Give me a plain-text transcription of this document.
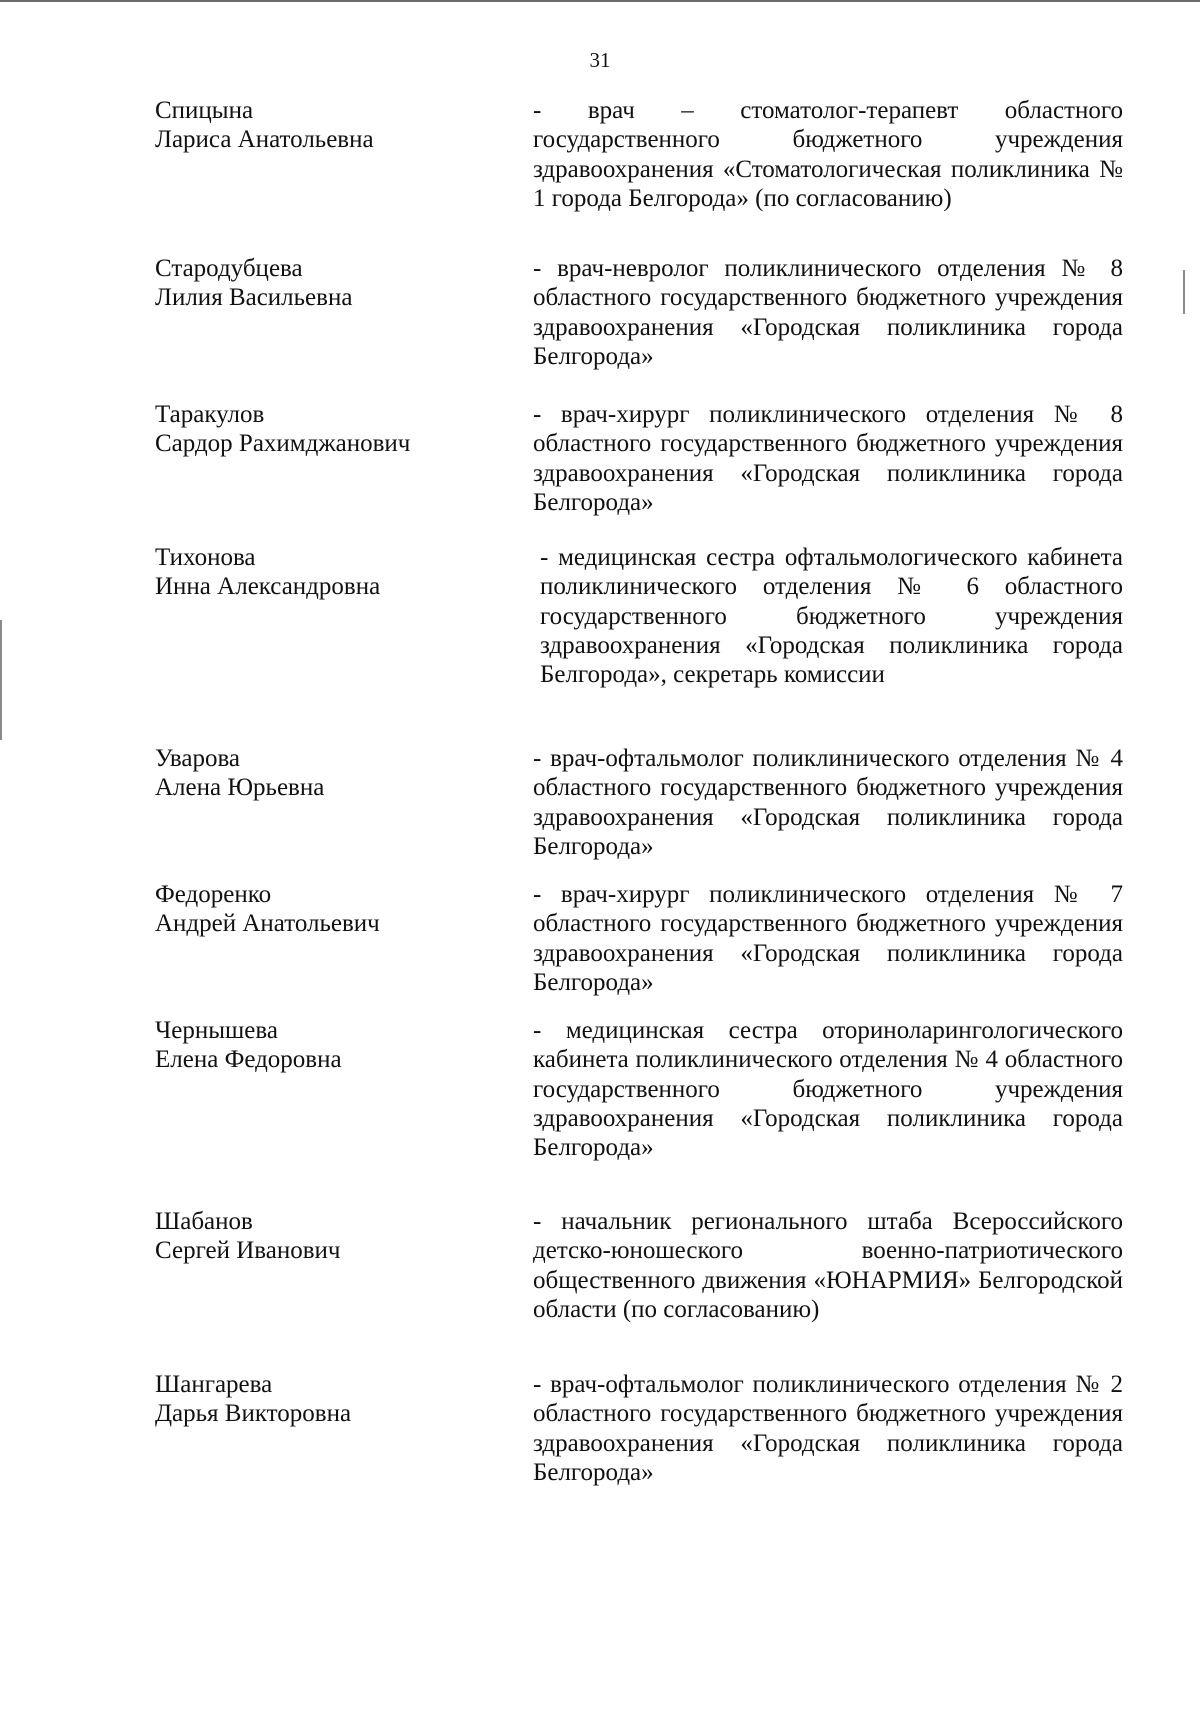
31
Спицына
Лариса Анатольевна
- врач – стоматолог-терапевт областного государственного бюджетного учреждения здравоохранения «Стоматологическая поликлиника № 1 города Белгорода» (по согласованию)
Стародубцева
Лилия Васильевна
- врач-невролог поликлинического отделения № 8 областного государственного бюджетного учреждения здравоохранения «Городская поликлиника города Белгорода»
Таракулов
Сардор Рахимджанович
- врач-хирург поликлинического отделения № 8 областного государственного бюджетного учреждения здравоохранения «Городская поликлиника города Белгорода»
Тихонова
Инна Александровна
- медицинская сестра офтальмологического кабинета поликлинического отделения № 6 областного государственного бюджетного учреждения здравоохранения «Городская поликлиника города Белгорода», секретарь комиссии
Уварова
Алена Юрьевна
- врач-офтальмолог поликлинического отделения № 4 областного государственного бюджетного учреждения здравоохранения «Городская поликлиника города Белгорода»
Федоренко
Андрей Анатольевич
- врач-хирург поликлинического отделения № 7 областного государственного бюджетного учреждения здравоохранения «Городская поликлиника города Белгорода»
Чернышева
Елена Федоровна
- медицинская сестра оториноларингологического кабинета поликлинического отделения № 4 областного государственного бюджетного учреждения здравоохранения «Городская поликлиника города Белгорода»
Шабанов
Сергей Иванович
- начальник регионального штаба Всероссийского детско-юношеского военно-патриотического общественного движения «ЮНАРМИЯ» Белгородской области (по согласованию)
Шангарева
Дарья Викторовна
- врач-офтальмолог поликлинического отделения № 2 областного государственного бюджетного учреждения здравоохранения «Городская поликлиника города Белгорода»
